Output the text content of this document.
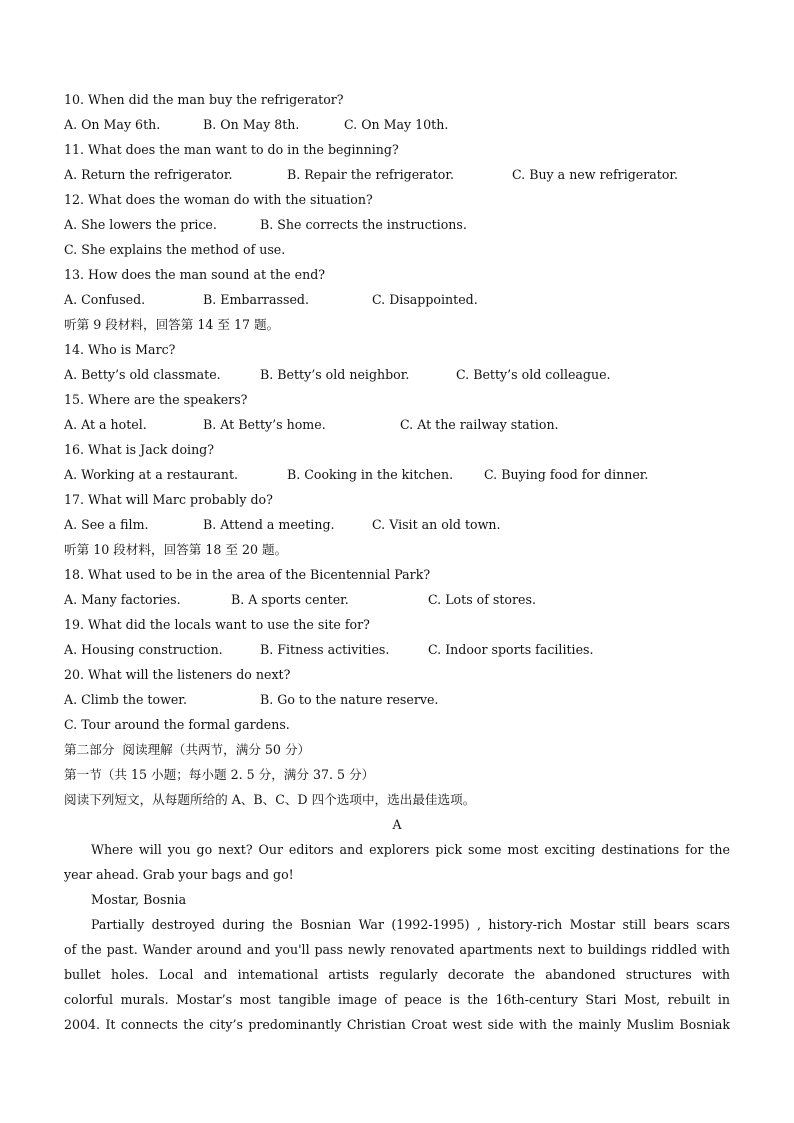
10. When did the man buy the refrigerator?
A. On May 6th.	B. On May 8th.	C. On May 10th.
11. What does the man want to do in the beginning?
A. Return the refrigerator.	B. Repair the refrigerator.	C. Buy a new refrigerator.
12. What does the woman do with the situation?
A. She lowers the price.	B. She corrects the instructions.
C. She explains the method of use.
13. How does the man sound at the end?
A. Confused.	B. Embarrassed.	C. Disappointed.
听第 9 段材料，回答第 14 至 17 题。
14. Who is Marc?
A. Betty’s old classmate.	B. Betty’s old neighbor.	C. Betty’s old colleague.
15. Where are the speakers?
A. At a hotel.	B. At Betty’s home.	C. At the railway station.
16. What is Jack doing?
A. Working at a restaurant.	B. Cooking in the kitchen.	C. Buying food for dinner.
17. What will Marc probably do?
A. See a film.	B. Attend a meeting.	C. Visit an old town.
听第 10 段材料，回答第 18 至 20 题。
18. What used to be in the area of the Bicentennial Park?
A. Many factories.	B. A sports center.	C. Lots of stores.
19. What did the locals want to use the site for?
A. Housing construction.	B. Fitness activities.	C. Indoor sports facilities.
20. What will the listeners do next?
A. Climb the tower.	B. Go to the nature reserve.
C. Tour around the formal gardens.
第二部分  阅读理解（共两节，满分 50 分）
第一节（共 15 小题；每小题 2. 5 分，满分 37. 5 分）
阅读下列短文，从每题所给的 A、B、C、D 四个选项中，选出最佳选项。
A
Where will you go next? Our editors and explorers pick some most exciting destinations for the
year ahead. Grab your bags and go!
Mostar, Bosnia
Partially destroyed during the Bosnian War (1992-1995) , history-rich Mostar still bears scars
of the past. Wander around and you'll pass newly renovated apartments next to buildings riddled with
bullet holes. Local and intemational artists regularly decorate the abandoned structures with
colorful murals. Mostar’s most tangible image of peace is the 16th-century Stari Most, rebuilt in
2004. It connects the city’s predominantly Christian Croat west side with the mainly Muslim Bosniak
